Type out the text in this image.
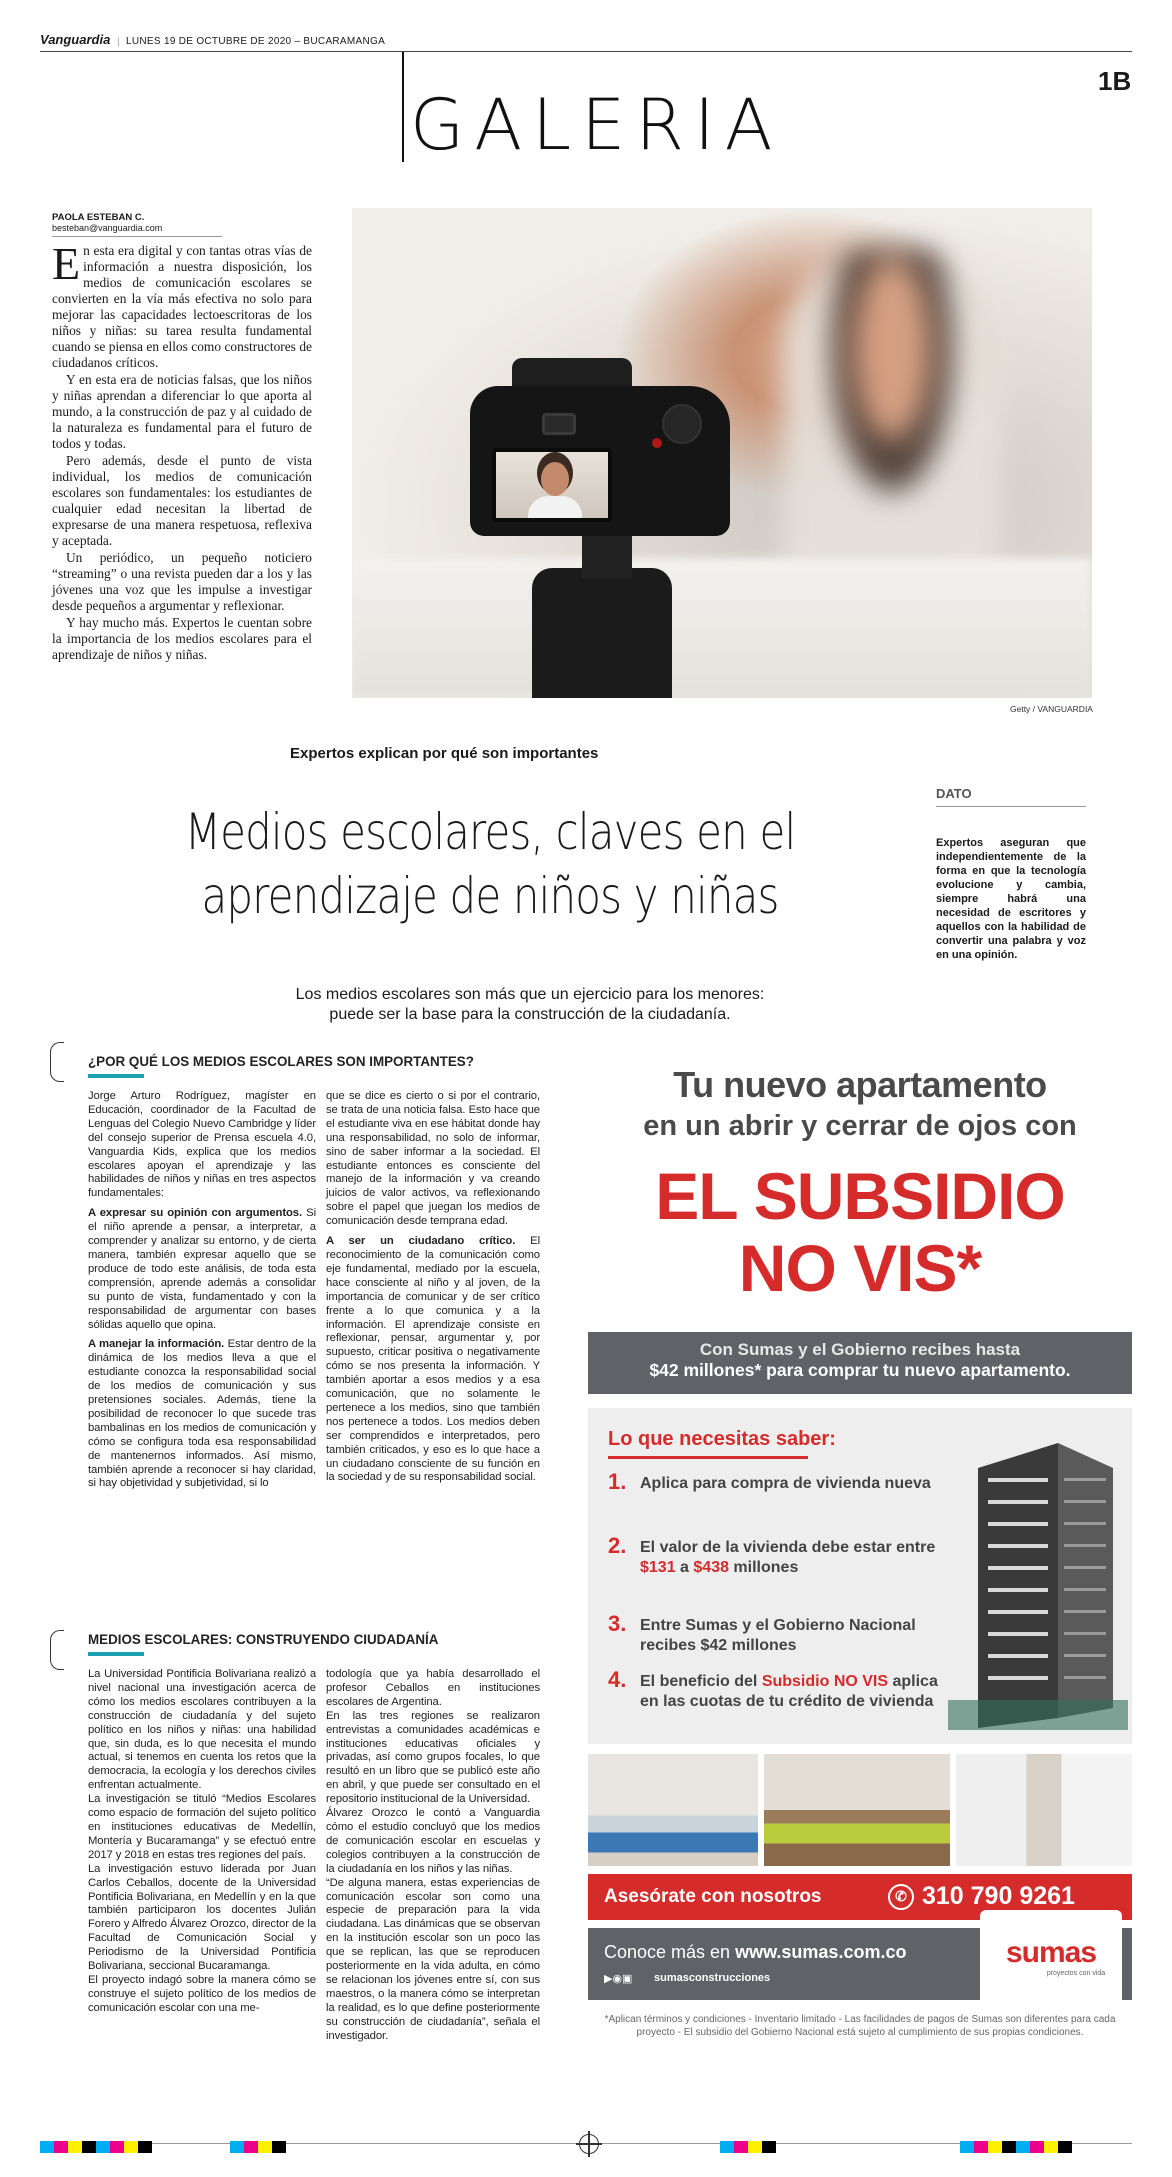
Vanguardia | LUNES 19 DE OCTUBRE DE 2020 – BUCARAMANGA
GALERIA
1B
PAOLA ESTEBAN C.
besteban@vanguardia.com

En esta era digital y con tantas otras vías de información a nuestra disposición, los medios de comunicación escolares se convierten en la vía más efectiva no solo para mejorar las capacidades lectoescritoras de los niños y niñas: su tarea resulta fundamental cuando se piensa en ellos como constructores de ciudadanos críticos.

Y en esta era de noticias falsas, que los niños y niñas aprendan a diferenciar lo que aporta al mundo, a la construcción de paz y al cuidado de la naturaleza es fundamental para el futuro de todos y todas.

Pero además, desde el punto de vista individual, los medios de comunicación escolares son fundamentales: los estudiantes de cualquier edad necesitan la libertad de expresarse de una manera respetuosa, reflexiva y aceptada.

Un periódico, un pequeño noticiero “streaming” o una revista pueden dar a los y las jóvenes una voz que les impulse a investigar desde pequeños a argumentar y reflexionar.

Y hay mucho más. Expertos le cuentan sobre la importancia de los medios escolares para el aprendizaje de niños y niñas.

Getty / VANGUARDIA
Expertos explican por qué son importantes
Medios escolares, claves en el
aprendizaje de niños y niñas
Los medios escolares son más que un ejercicio para los menores:
puede ser la base para la construcción de la ciudadanía.
DATO
Expertos aseguran que independientemente de la forma en que la tecnología evolucione y cambia, siempre habrá una necesidad de escritores y aquellos con la habilidad de convertir una palabra y voz en una opinión.
¿POR QUÉ LOS MEDIOS ESCOLARES SON IMPORTANTES?

Jorge Arturo Rodríguez, magíster en Educación, coordinador de la Facultad de Lenguas del Colegio Nuevo Cambridge y líder del consejo superior de Prensa escuela 4.0, Vanguardia Kids, explica que los medios escolares apoyan el aprendizaje y las habilidades de niños y niñas en tres aspectos fundamentales:

A expresar su opinión con argumentos. Si el niño aprende a pensar, a interpretar, a comprender y analizar su entorno, y de cierta manera, también expresar aquello que se produce de todo este análisis, de toda esta comprensión, aprende además a consolidar su punto de vista, fundamentado y con la responsabilidad de argumentar con bases sólidas aquello que opina.

A manejar la información. Estar dentro de la dinámica de los medios lleva a que el estudiante conozca la responsabilidad social de los medios de comunicación y sus pretensiones sociales. Además, tiene la posibilidad de reconocer lo que sucede tras bambalinas en los medios de comunicación y cómo se configura toda esa responsabilidad de mantenernos informados. Así mismo, también aprende a reconocer si hay claridad, si hay objetividad y subjetividad, si lo

que se dice es cierto o si por el contrario, se trata de una noticia falsa. Esto hace que el estudiante viva en ese hábitat donde hay una responsabilidad, no solo de informar, sino de saber informar a la sociedad. El estudiante entonces es consciente del manejo de la información y va creando juicios de valor activos, va reflexionando sobre el papel que juegan los medios de comunicación desde temprana edad.

A ser un ciudadano crítico. El reconocimiento de la comunicación como eje fundamental, mediado por la escuela, hace consciente al niño y al joven, de la importancia de comunicar y de ser crítico frente a lo que comunica y a la información. El aprendizaje consiste en reflexionar, pensar, argumentar y, por supuesto, criticar positiva o negativamente cómo se nos presenta la información. Y también aportar a esos medios y a esa comunicación, que no solamente le pertenece a los medios, sino que también nos pertenece a todos. Los medios deben ser comprendidos e interpretados, pero también criticados, y eso es lo que hace a un ciudadano consciente de su función en la sociedad y de su responsabilidad social.

MEDIOS ESCOLARES: CONSTRUYENDO CIUDADANÍA

La Universidad Pontificia Bolivariana realizó a nivel nacional una investigación acerca de cómo los medios escolares contribuyen a la construcción de ciudadanía y del sujeto político en los niños y niñas: una habilidad que, sin duda, es lo que necesita el mundo actual, si tenemos en cuenta los retos que la democracia, la ecología y los derechos civiles enfrentan actualmente.

La investigación se tituló “Medios Escolares como espacio de formación del sujeto político en instituciones educativas de Medellín, Montería y Bucaramanga” y se efectuó entre 2017 y 2018 en estas tres regiones del país.

La investigación estuvo liderada por Juan Carlos Ceballos, docente de la Universidad Pontificia Bolivariana, en Medellín y en la que también participaron los docentes Julián Forero y Alfredo Álvarez Orozco, director de la Facultad de Comunicación Social y Periodismo de la Universidad Pontificia Bolivariana, seccional Bucaramanga.

El proyecto indagó sobre la manera cómo se construye el sujeto político de los medios de comunicación escolar con una me-

todología que ya había desarrollado el profesor Ceballos en instituciones escolares de Argentina.

En las tres regiones se realizaron entrevistas a comunidades académicas e instituciones educativas oficiales y privadas, así como grupos focales, lo que resultó en un libro que se publicó este año en abril, y que puede ser consultado en el repositorio institucional de la Universidad.

Álvarez Orozco le contó a Vanguardia cómo el estudio concluyó que los medios de comunicación escolar en escuelas y colegios contribuyen a la construcción de la ciudadanía en los niños y las niñas.

“De alguna manera, estas experiencias de comunicación escolar son como una especie de preparación para la vida ciudadana. Las dinámicas que se observan en la institución escolar son un poco las que se replican, las que se reproducen posteriormente en la vida adulta, en cómo se relacionan los jóvenes entre sí, con sus maestros, o la manera cómo se interpretan la realidad, es lo que define posteriormente su construcción de ciudadanía”, señala el investigador.

Tu nuevo apartamento
en un abrir y cerrar de ojos con
EL SUBSIDIO
NO VIS*
Con Sumas y el Gobierno recibes hasta
$42 millones* para comprar tu nuevo apartamento.
Lo que necesitas saber:
1. Aplica para compra de vivienda nueva
2. El valor de la vivienda debe estar entre $131 a $438 millones
3. Entre Sumas y el Gobierno Nacional recibes $42 millones
4. El beneficio del Subsidio NO VIS aplica en las cuotas de tu crédito de vivienda
Asesórate con nosotros	✆ 310 790 9261
Conoce más en www.sumas.com.co
▶◉▣ sumasconstrucciones
sumas
proyectos con vida
*Aplican términos y condiciones - Inventario limitado - Las facilidades de pagos de Sumas son diferentes para cada proyecto - El subsidio del Gobierno Nacional está sujeto al cumplimiento de sus propias condiciones.
